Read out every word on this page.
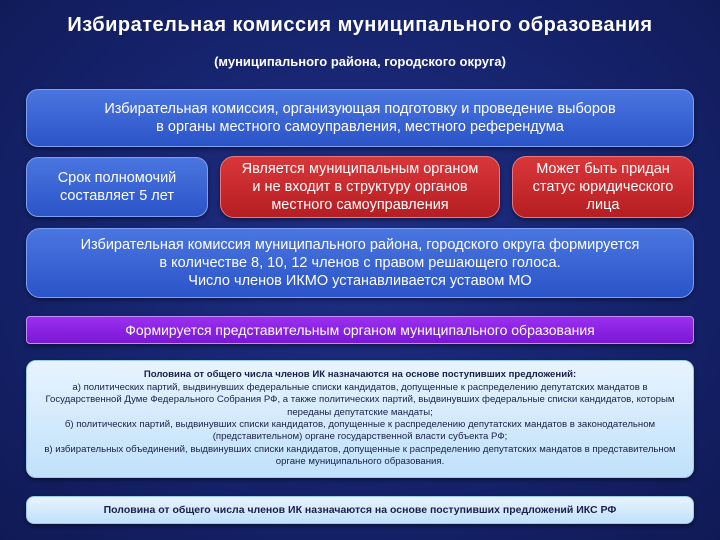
Избирательная комиссия муниципального образования
(муниципального района, городского округа)
Избирательная комиссия, организующая подготовку и проведение выборов
в органы местного самоуправления, местного референдума
Срок полномочий
составляет 5 лет
Является муниципальным органом
и не входит в структуру органов
местного самоуправления
Может быть придан
статус юридического
лица
Избирательная комиссия муниципального района, городского округа формируется
в количестве 8, 10, 12 членов с правом решающего голоса.
Число членов ИКМО устанавливается уставом МО
Формируется представительным органом муниципального образования
Половина от общего числа членов ИК назначаются на основе поступивших предложений:
а) политических партий, выдвинувших федеральные списки кандидатов, допущенные к распределению депутатских мандатов в Государственной Думе Федерального Собрания РФ, а также политических партий, выдвинувших федеральные списки кандидатов, которым переданы депутатские мандаты;
б) политических партий, выдвинувших списки кандидатов, допущенные к распределению депутатских мандатов в законодательном (представительном) органе государственной власти субъекта РФ;
в) избирательных объединений, выдвинувших списки кандидатов, допущенные к распределению депутатских мандатов в представительном органе муниципального образования.
Половина от общего числа членов ИК назначаются на основе поступивших предложений ИКС РФ
